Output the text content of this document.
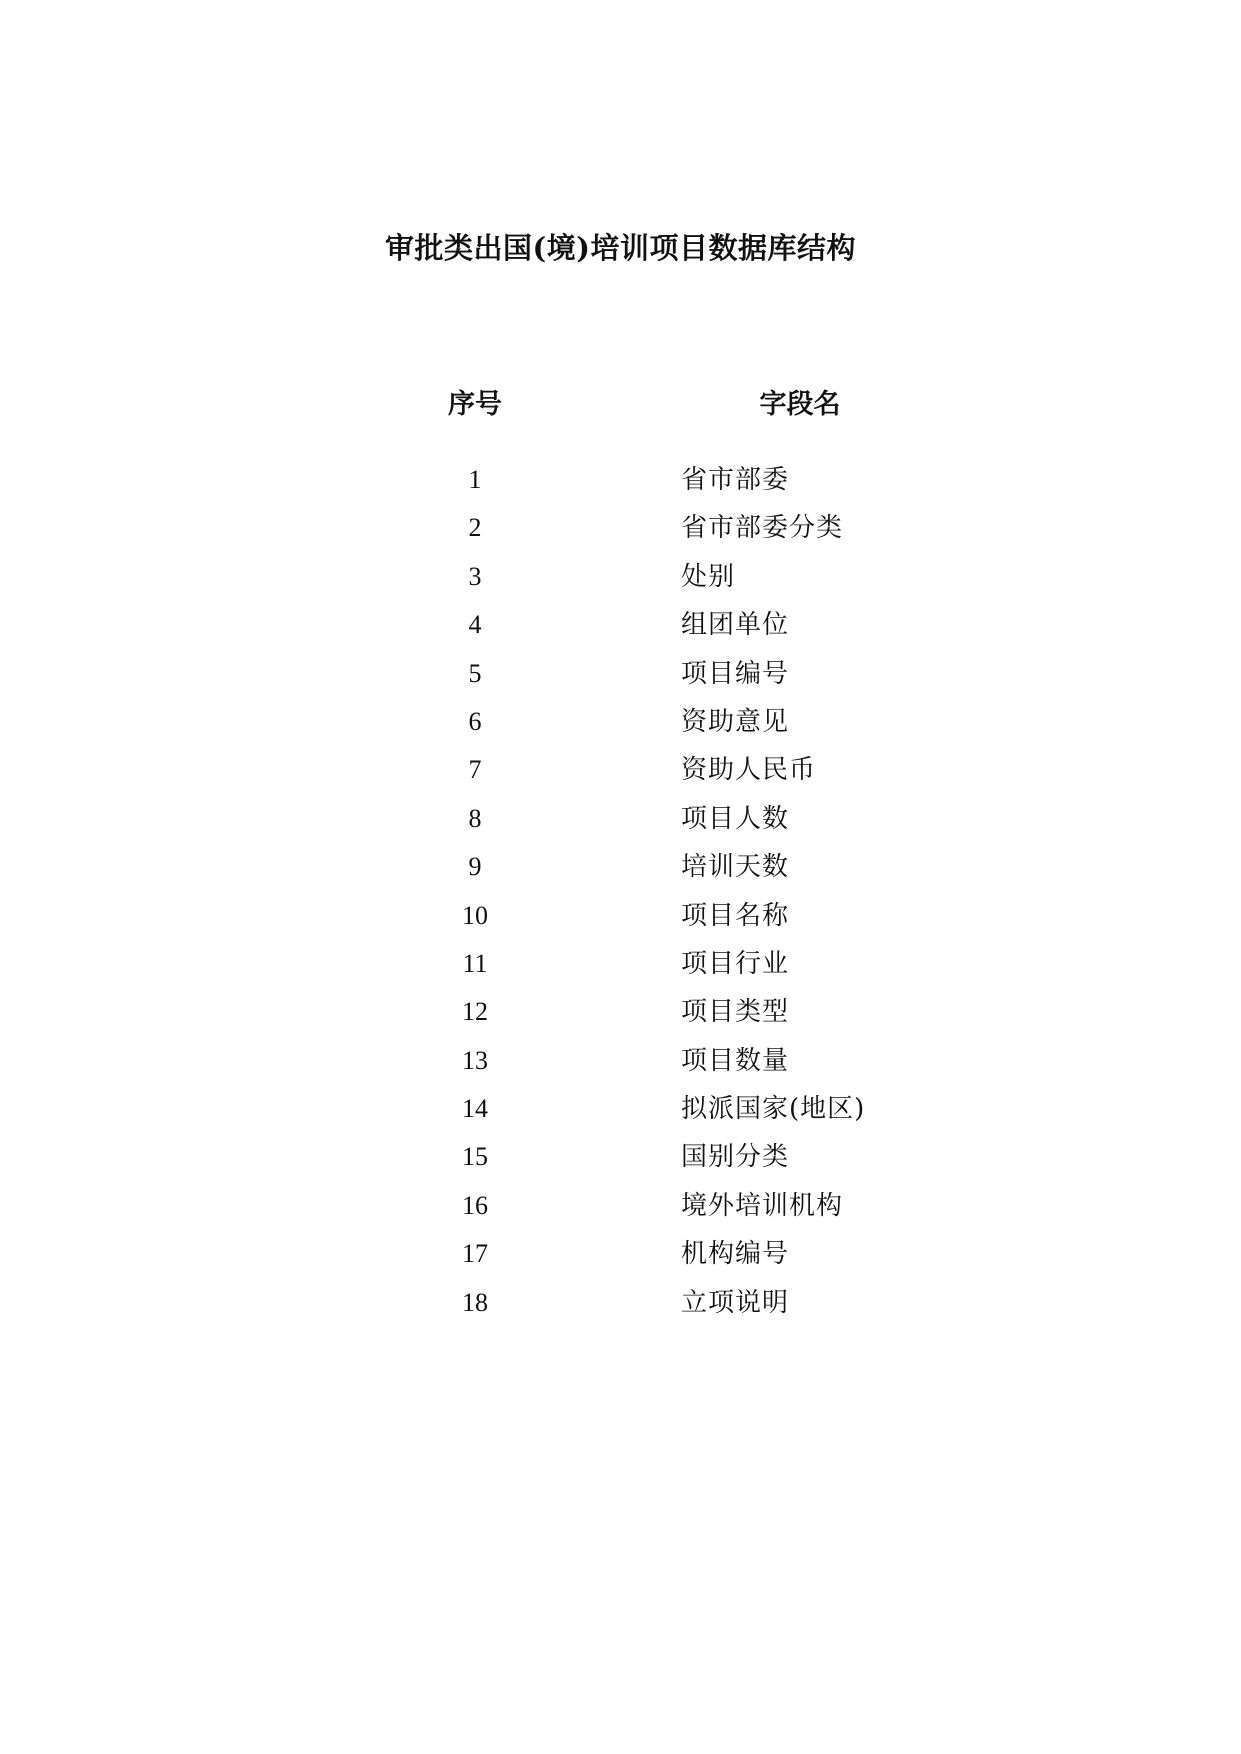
审批类出国(境)培训项目数据库结构
序号	字段名
1	省市部委
2	省市部委分类
3	处别
4	组团单位
5	项目编号
6	资助意见
7	资助人民币
8	项目人数
9	培训天数
10	项目名称
11	项目行业
12	项目类型
13	项目数量
14	拟派国家(地区)
15	国别分类
16	境外培训机构
17	机构编号
18	立项说明
